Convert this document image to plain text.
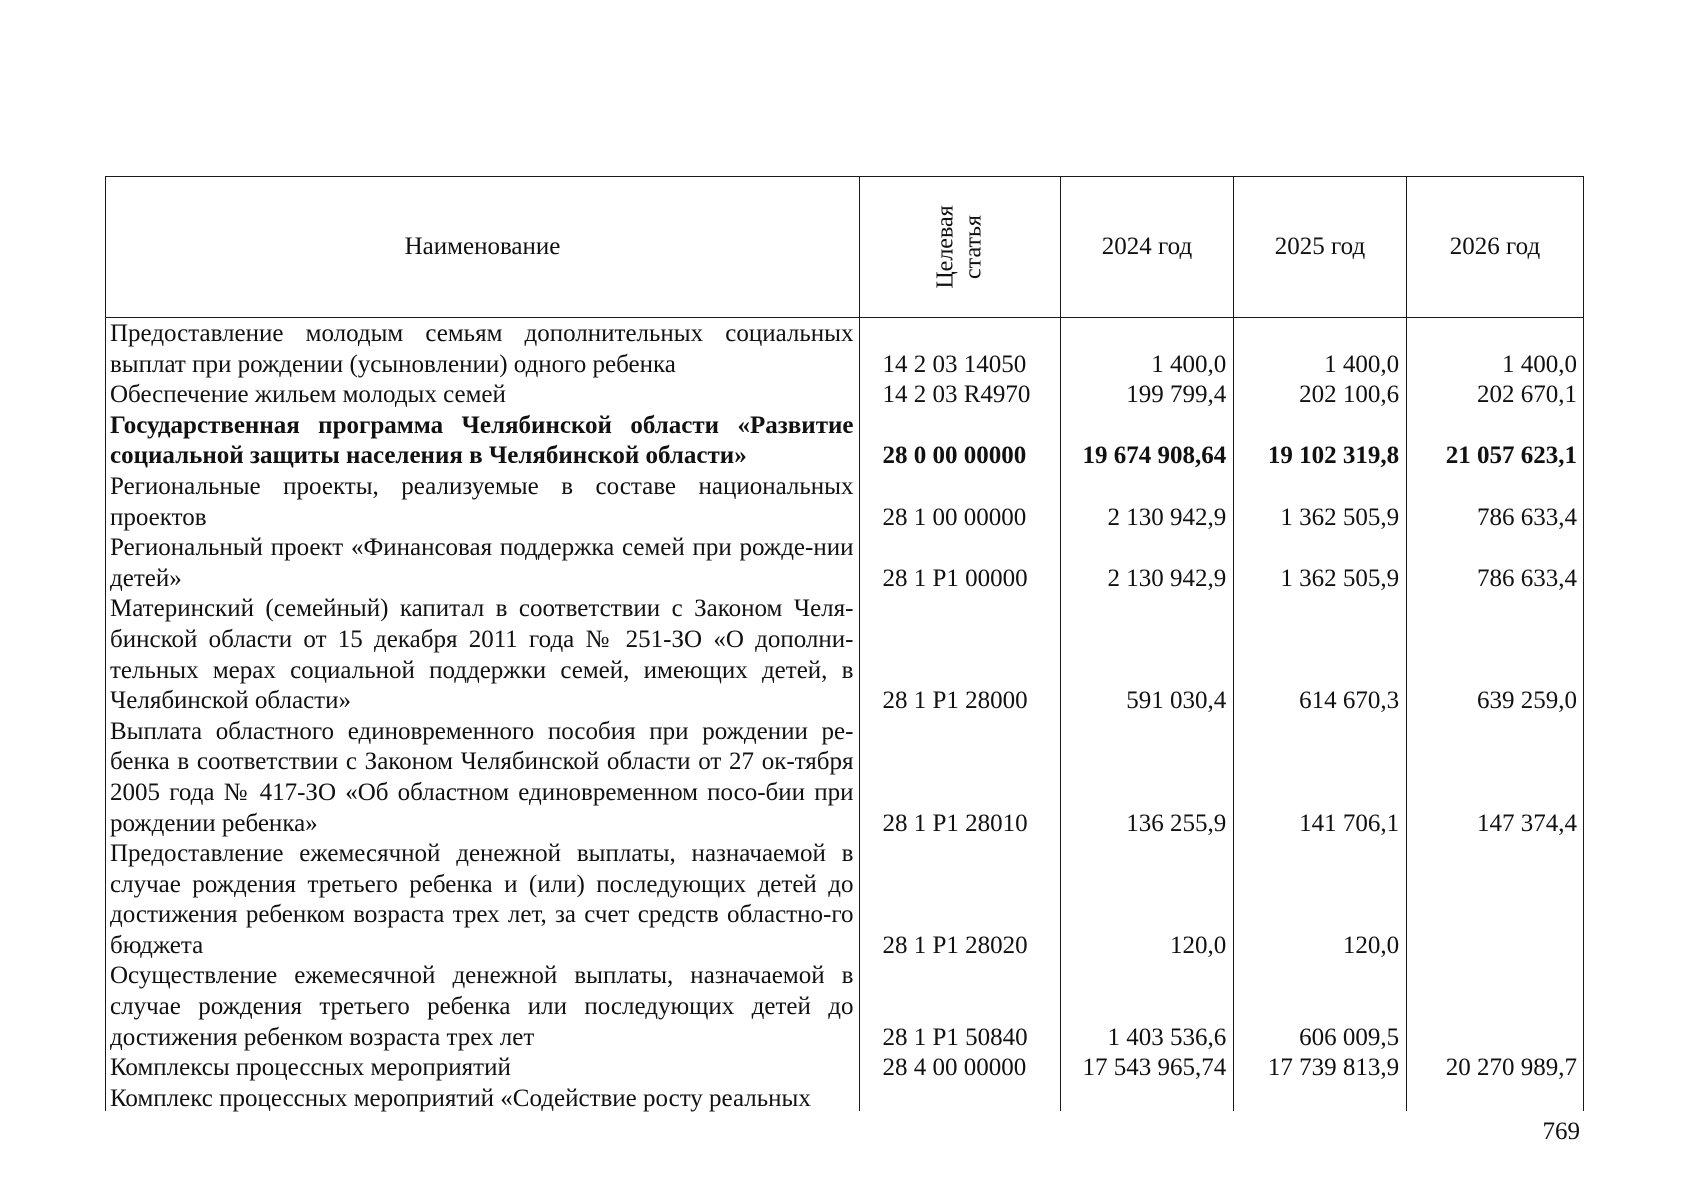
Наименование	Целевая статья	2024 год	2025 год	2026 год
Предоставление молодым семьям дополнительных социальных выплат при рождении (усыновлении) одного ребенка	14 2 03 14050	1 400,0	1 400,0	1 400,0
Обеспечение жильем молодых семей	14 2 03 R4970	199 799,4	202 100,6	202 670,1
Государственная программа Челябинской области «Развитие социальной защиты населения в Челябинской области»	28 0 00 00000	19 674 908,64	19 102 319,8	21 057 623,1
Региональные проекты, реализуемые в составе национальных проектов	28 1 00 00000	2 130 942,9	1 362 505,9	786 633,4
Региональный проект «Финансовая поддержка семей при рожде-нии детей»	28 1 P1 00000	2 130 942,9	1 362 505,9	786 633,4
Материнский (семейный) капитал в соответствии с Законом Челя-бинской области от 15 декабря 2011 года № 251-ЗО «О дополни-тельных мерах социальной поддержки семей, имеющих детей, в Челябинской области»	28 1 P1 28000	591 030,4	614 670,3	639 259,0
Выплата областного единовременного пособия при рождении ре-бенка в соответствии с Законом Челябинской области от 27 ок-тября 2005 года № 417-ЗО «Об областном единовременном посо-бии при рождении ребенка»	28 1 P1 28010	136 255,9	141 706,1	147 374,4
Предоставление ежемесячной денежной выплаты, назначаемой в случае рождения третьего ребенка и (или) последующих детей до достижения ребенком возраста трех лет, за счет средств областно-го бюджета	28 1 P1 28020	120,0	120,0
Осуществление ежемесячной денежной выплаты, назначаемой в случае рождения третьего ребенка или последующих детей до достижения ребенком возраста трех лет	28 1 P1 50840	1 403 536,6	606 009,5
Комплексы процессных мероприятий	28 4 00 00000	17 543 965,74	17 739 813,9	20 270 989,7
Комплекс процессных мероприятий «Содействие росту реальных
769
